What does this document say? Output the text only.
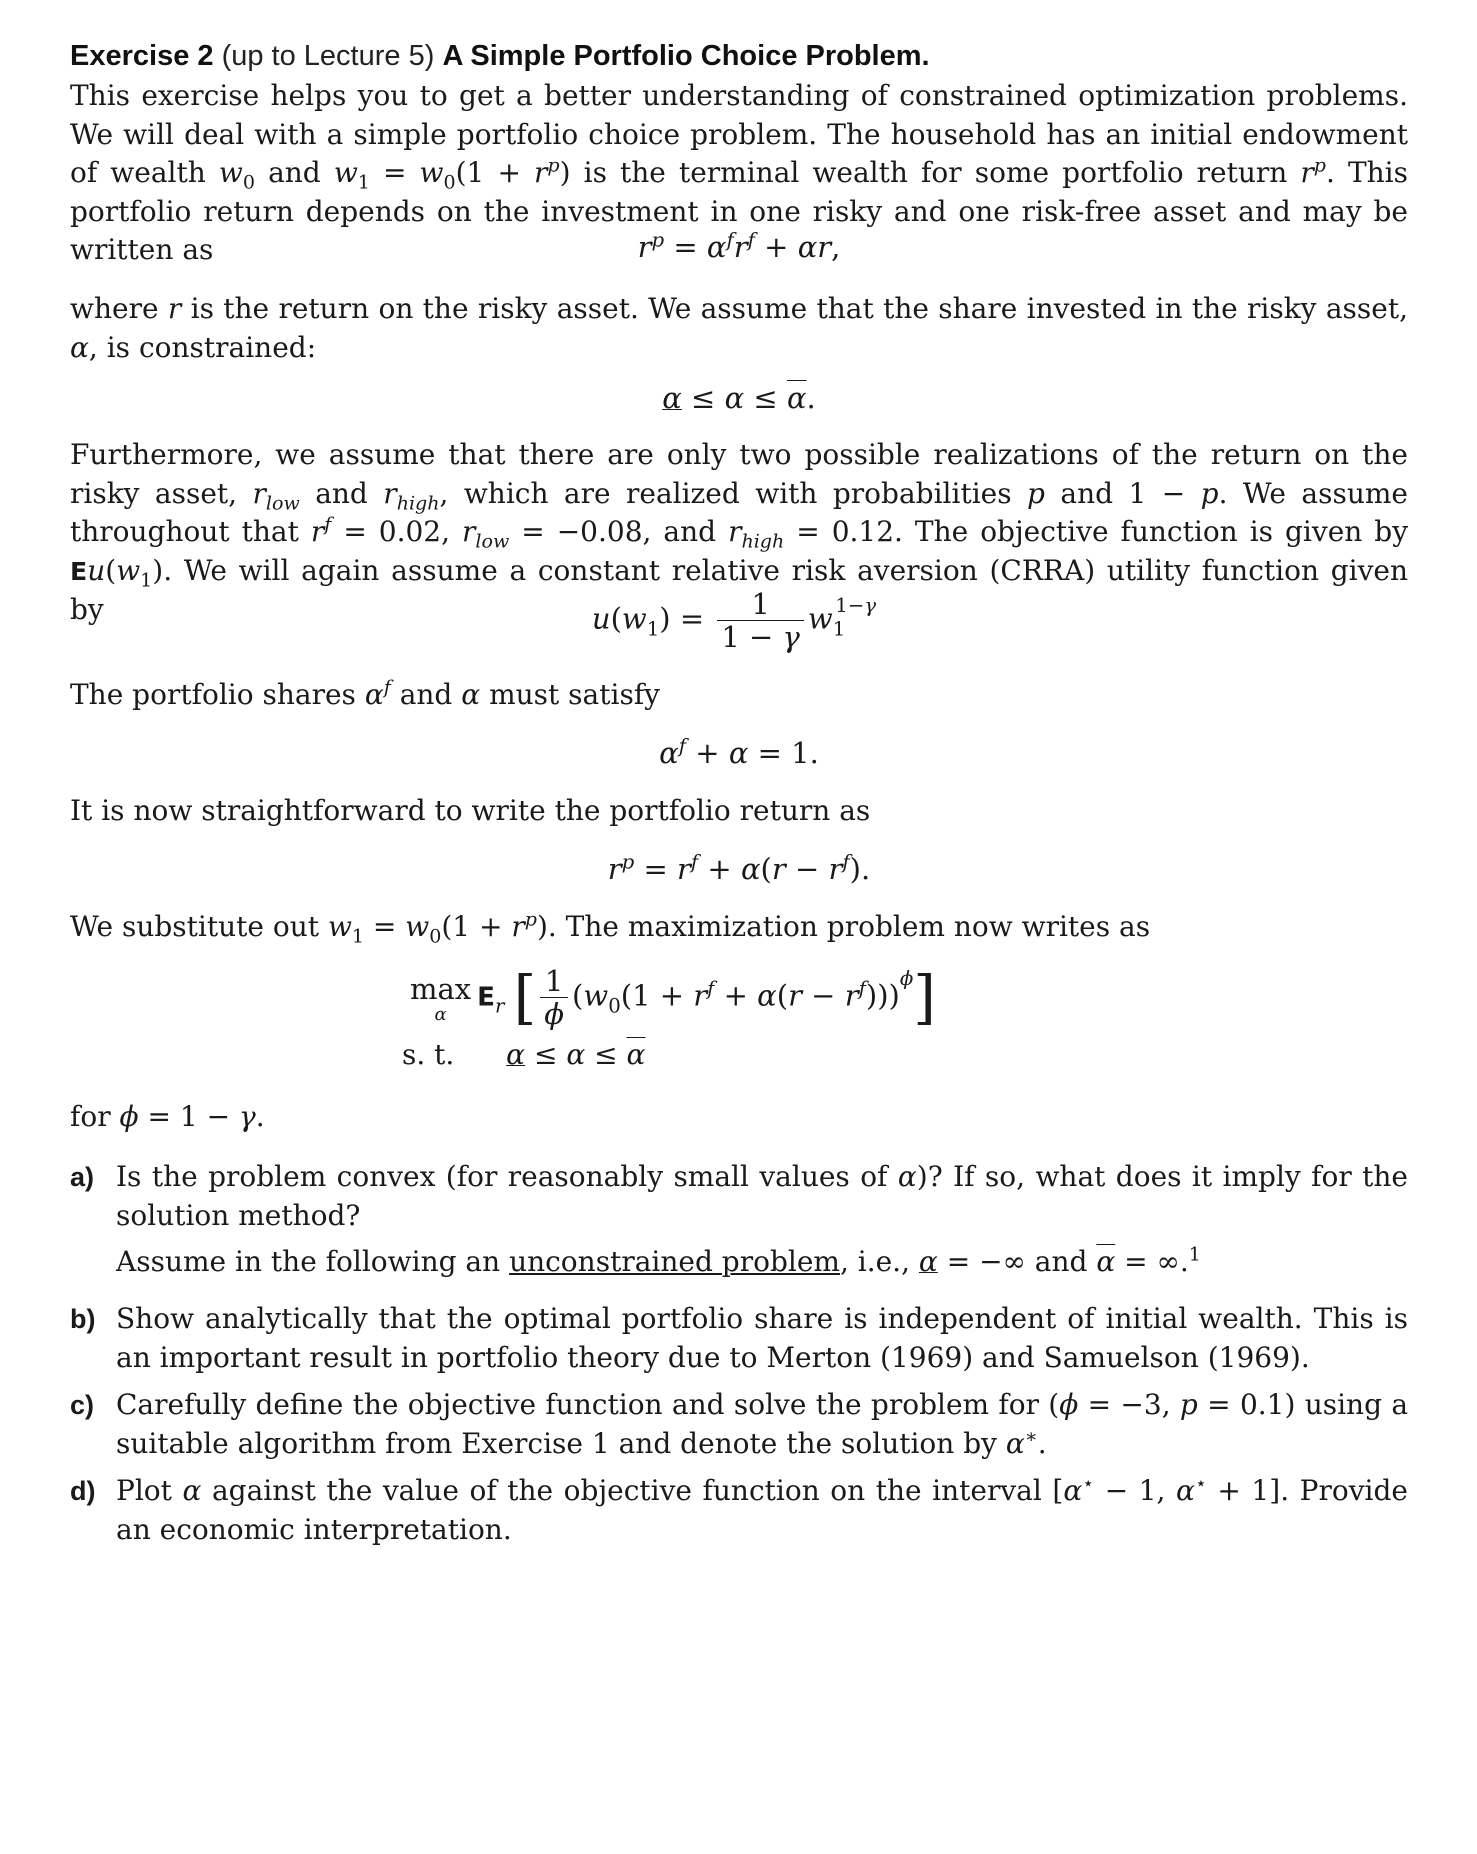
Exercise 2 (up to Lecture 5) A Simple Portfolio Choice Problem.
This exercise helps you to get a better understanding of constrained optimization problems. We will deal with a simple portfolio choice problem. The household has an initial endowment of wealth $w_0$ and $w_1 = w_0(1 + r^p)$ is the terminal wealth for some portfolio return $r^p$. This portfolio return depends on the investment in one risky and one risk-free asset and may be written as	$r^p = \alpha^fr^f + \alpha r$,
where r is the return on the risky asset. We assume that the share invested in the risky asset, α, is constrained:
$\alpha \le \alpha \le \overline{\alpha}$.
Furthermore, we assume that there are only two possible realizations of the return on the risky asset, $r_{low}$ and $r_{high}$, which are realized with probabilities p and 1 − p. We assume throughout that $r^f = 0.02$, $r_{low} = -0.08$, and $r_{high} = 0.12$. The objective function is given by $Eu(w_1)$. We will again assume a constant relative risk aversion (CRRA) utility function given by	$u(w_1) = \frac{1}{1 - \gamma} w_1^{1-\gamma}$
The portfolio shares $\alpha^f$ and α must satisfy
$\alpha^f + \alpha = 1$.
It is now straightforward to write the portfolio return as
$r^p = r^f + \alpha(r - r^f)$.
We substitute out $w_1 = w_0(1 + r^p)$. The maximization problem now writes as
max
α
$E_r$ [ $\frac{1}{\phi} (w_0(1 + r^f + \alpha(r - r^f)))^\phi$]
s. t. $\alpha \le \alpha \le \overline{\alpha}$
for ϕ = 1 − γ.
a) Is the problem convex (for reasonably small values of α)? If so, what does it imply for the solution method?
Assume in the following an unconstrained problem, i.e., α = −∞ and $\overline{\alpha} = \infty.^1$
b) Show analytically that the optimal portfolio share is independent of initial wealth. This is an important result in portfolio theory due to Merton (1969) and Samuelson (1969).
c) Carefully define the objective function and solve the problem for (ϕ = −3, p = 0.1) using a suitable algorithm from Exercise 1 and denote the solution by α∗.
d) Plot α against the value of the objective function on the interval [α⋆ − 1, α⋆ + 1]. Provide an economic interpretation.
